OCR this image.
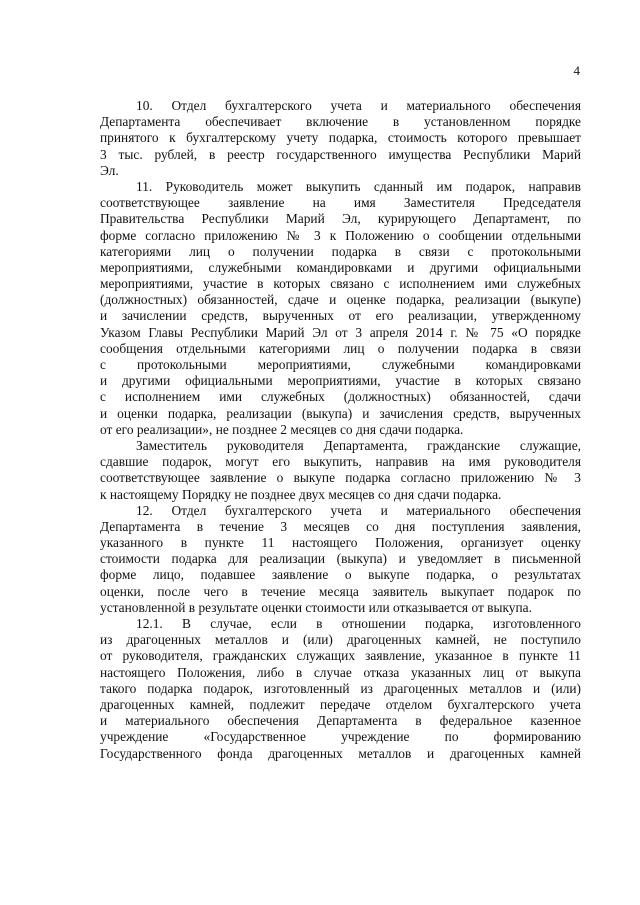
4
10. Отдел бухгалтерского учета и материального обеспечения
Департамента обеспечивает включение в установленном порядке
принятого к бухгалтерскому учету подарка, стоимость которого превышает
3 тыс. рублей, в реестр государственного имущества Республики Марий
Эл.
11. Руководитель может выкупить сданный им подарок, направив
соответствующее заявление на имя Заместителя Председателя
Правительства Республики Марий Эл, курирующего Департамент, по
форме согласно приложению № 3 к Положению о сообщении отдельными
категориями лиц о получении подарка в связи с протокольными
мероприятиями, служебными командировками и другими официальными
мероприятиями, участие в которых связано с исполнением ими служебных
(должностных) обязанностей, сдаче и оценке подарка, реализации (выкупе)
и зачислении средств, вырученных от его реализации, утвержденному
Указом Главы Республики Марий Эл от 3 апреля 2014 г. № 75 «О порядке
сообщения отдельными категориями лиц о получении подарка в связи
с протокольными мероприятиями, служебными командировками
и другими официальными мероприятиями, участие в которых связано
с исполнением ими служебных (должностных) обязанностей, сдачи
и оценки подарка, реализации (выкупа) и зачисления средств, вырученных
от его реализации», не позднее 2 месяцев со дня сдачи подарка.
Заместитель руководителя Департамента, гражданские служащие,
сдавшие подарок, могут его выкупить, направив на имя руководителя
соответствующее заявление о выкупе подарка согласно приложению № 3
к настоящему Порядку не позднее двух месяцев со дня сдачи подарка.
12. Отдел бухгалтерского учета и материального обеспечения
Департамента в течение 3 месяцев со дня поступления заявления,
указанного в пункте 11 настоящего Положения, организует оценку
стоимости подарка для реализации (выкупа) и уведомляет в письменной
форме лицо, подавшее заявление о выкупе подарка, о результатах
оценки, после чего в течение месяца заявитель выкупает подарок по
установленной в результате оценки стоимости или отказывается от выкупа.
12.1. В случае, если в отношении подарка, изготовленного
из драгоценных металлов и (или) драгоценных камней, не поступило
от руководителя, гражданских служащих заявление, указанное в пункте 11
настоящего Положения, либо в случае отказа указанных лиц от выкупа
такого подарка подарок, изготовленный из драгоценных металлов и (или)
драгоценных камней, подлежит передаче отделом бухгалтерского учета
и материального обеспечения Департамента в федеральное казенное
учреждение «Государственное учреждение по формированию
Государственного фонда драгоценных металлов и драгоценных камней
